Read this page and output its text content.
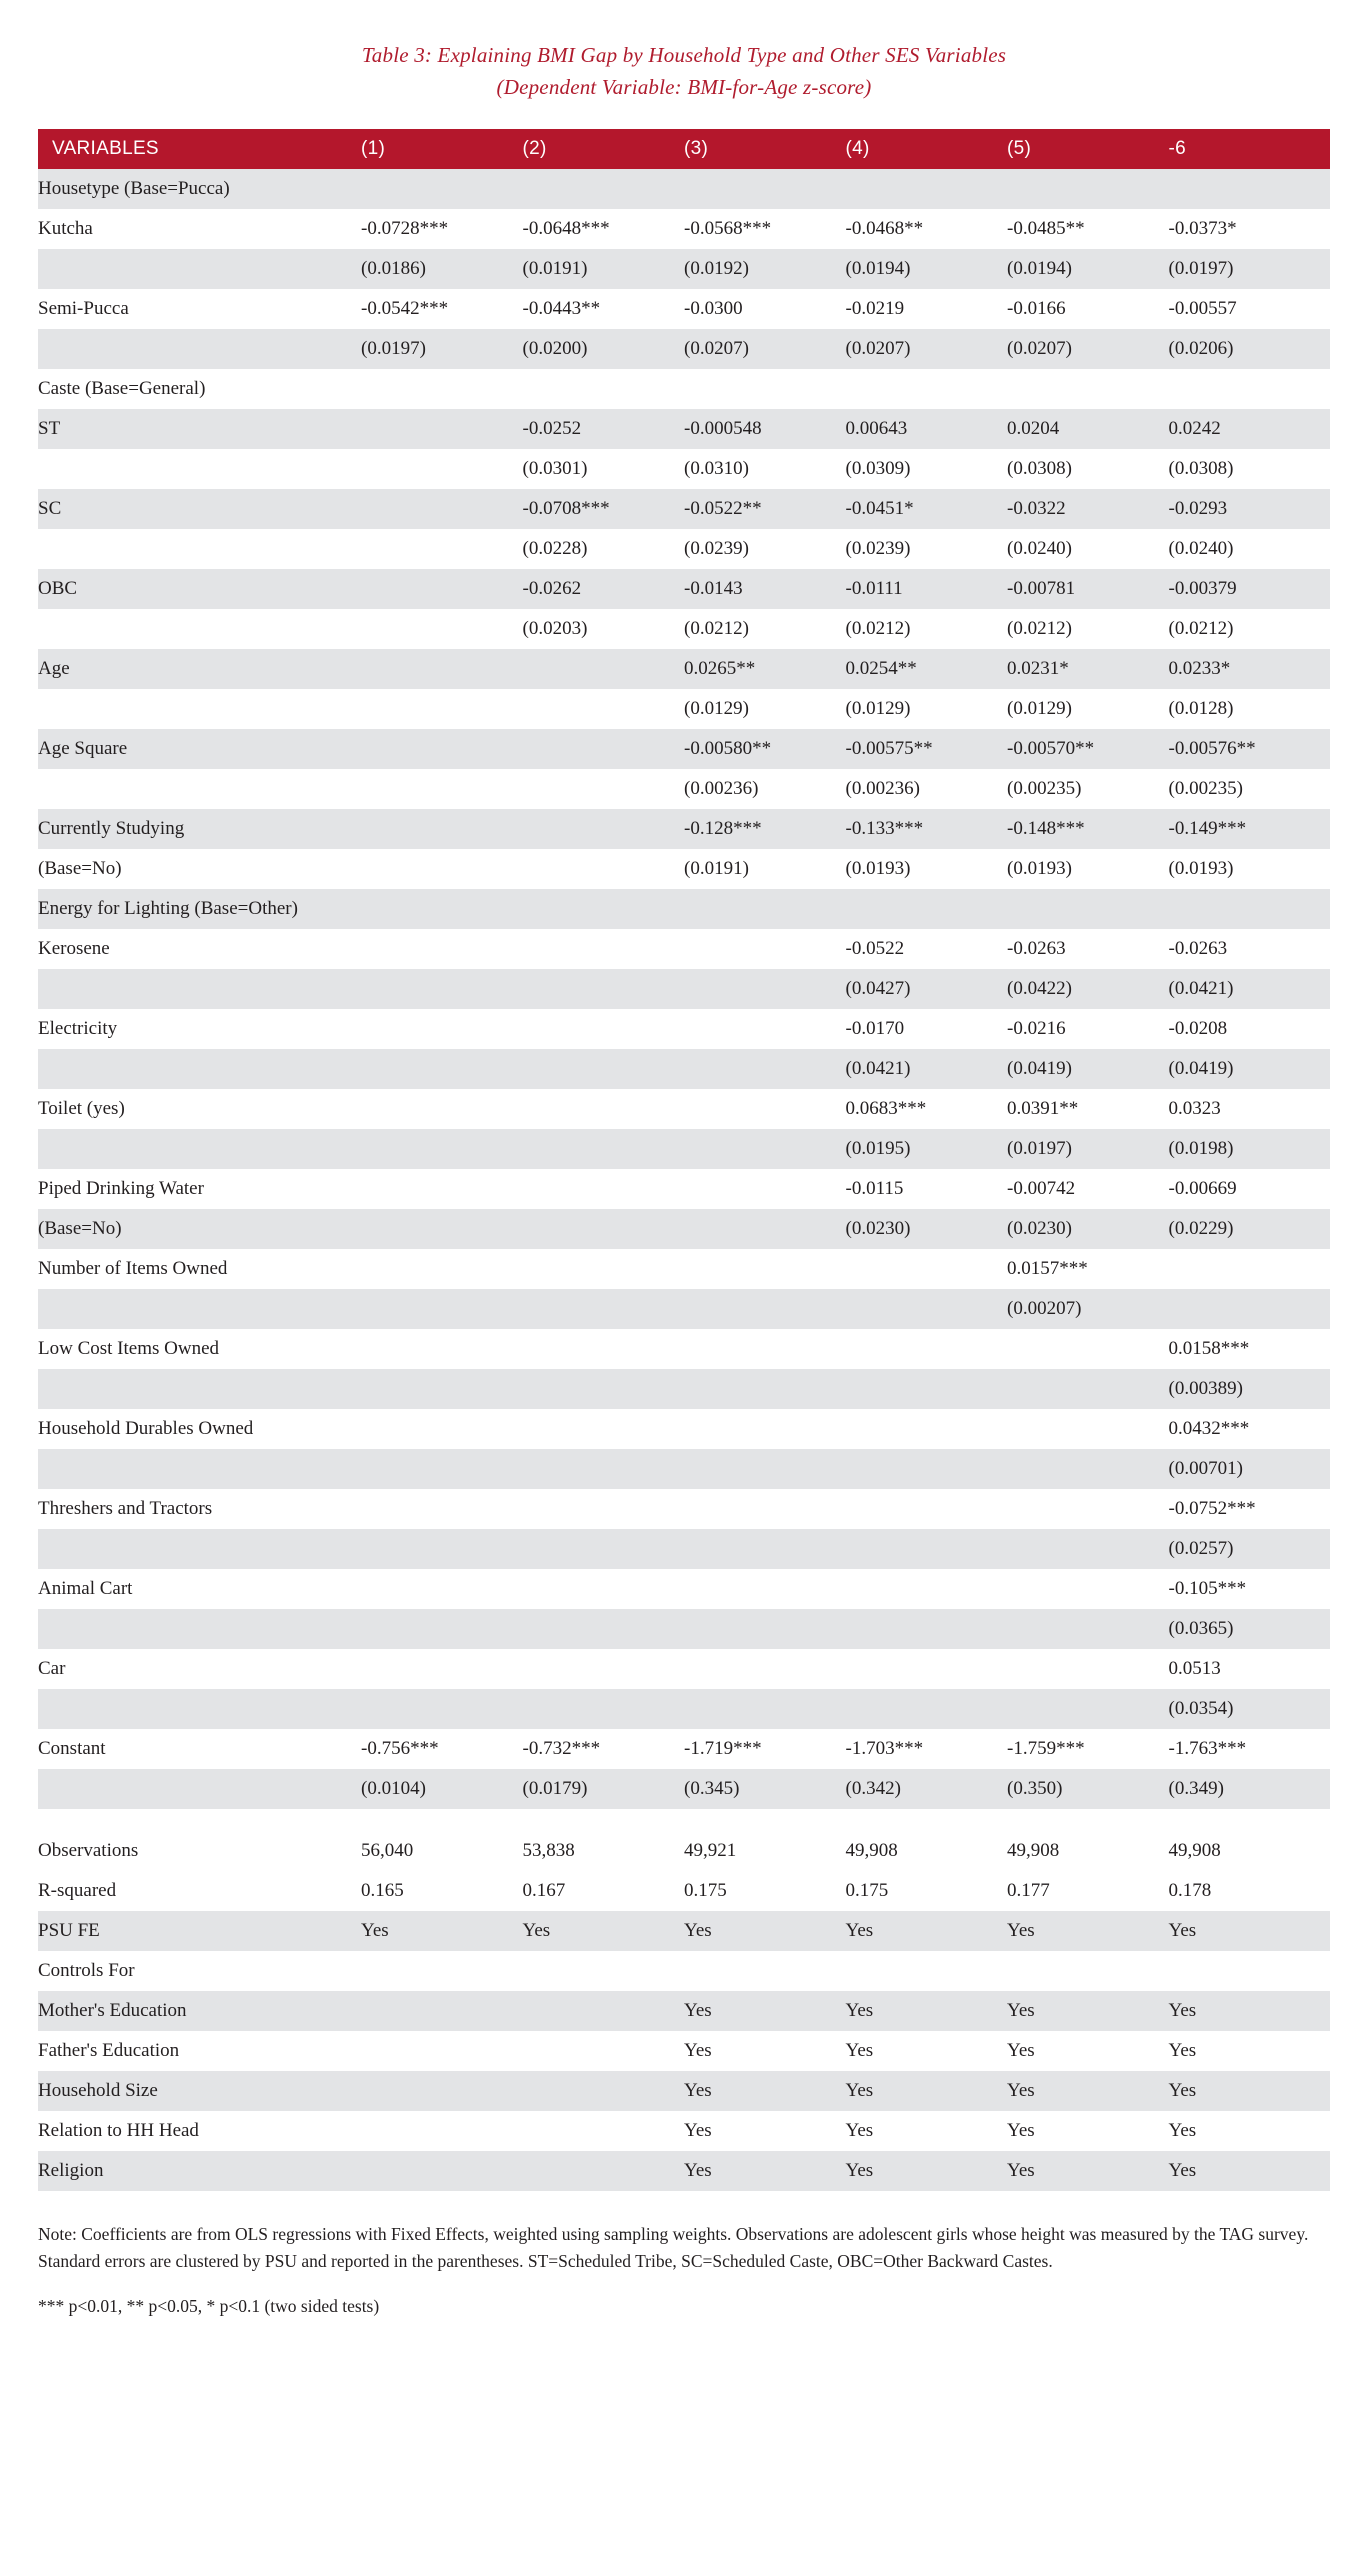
Table 3: Explaining BMI Gap by Household Type and Other SES Variables
(Dependent Variable: BMI-for-Age z-score)
VARIABLES	(1)	(2)	(3)	(4)	(5)	-6
Housetype (Base=Pucca)						
Kutcha	-0.0728***	-0.0648***	-0.0568***	-0.0468**	-0.0485**	-0.0373*
	(0.0186)	(0.0191)	(0.0192)	(0.0194)	(0.0194)	(0.0197)
Semi-Pucca	-0.0542***	-0.0443**	-0.0300	-0.0219	-0.0166	-0.00557
	(0.0197)	(0.0200)	(0.0207)	(0.0207)	(0.0207)	(0.0206)
Caste (Base=General)						
ST		-0.0252	-0.000548	0.00643	0.0204	0.0242
		(0.0301)	(0.0310)	(0.0309)	(0.0308)	(0.0308)
SC		-0.0708***	-0.0522**	-0.0451*	-0.0322	-0.0293
		(0.0228)	(0.0239)	(0.0239)	(0.0240)	(0.0240)
OBC		-0.0262	-0.0143	-0.0111	-0.00781	-0.00379
		(0.0203)	(0.0212)	(0.0212)	(0.0212)	(0.0212)
Age			0.0265**	0.0254**	0.0231*	0.0233*
			(0.0129)	(0.0129)	(0.0129)	(0.0128)
Age Square			-0.00580**	-0.00575**	-0.00570**	-0.00576**
			(0.00236)	(0.00236)	(0.00235)	(0.00235)
Currently Studying			-0.128***	-0.133***	-0.148***	-0.149***
(Base=No)			(0.0191)	(0.0193)	(0.0193)	(0.0193)
Energy for Lighting (Base=Other)						
Kerosene				-0.0522	-0.0263	-0.0263
				(0.0427)	(0.0422)	(0.0421)
Electricity				-0.0170	-0.0216	-0.0208
				(0.0421)	(0.0419)	(0.0419)
Toilet (yes)				0.0683***	0.0391**	0.0323
				(0.0195)	(0.0197)	(0.0198)
Piped Drinking Water				-0.0115	-0.00742	-0.00669
(Base=No)				(0.0230)	(0.0230)	(0.0229)
Number of Items Owned					0.0157***	
					(0.00207)	
Low Cost Items Owned						0.0158***
						(0.00389)
Household Durables Owned						0.0432***
						(0.00701)
Threshers and Tractors						-0.0752***
						(0.0257)
Animal Cart						-0.105***
						(0.0365)
Car						0.0513
						(0.0354)
Constant	-0.756***	-0.732***	-1.719***	-1.703***	-1.759***	-1.763***
	(0.0104)	(0.0179)	(0.345)	(0.342)	(0.350)	(0.349)

Observations	56,040	53,838	49,921	49,908	49,908	49,908
R-squared	0.165	0.167	0.175	0.175	0.177	0.178
PSU FE	Yes	Yes	Yes	Yes	Yes	Yes
Controls For						
Mother's Education			Yes	Yes	Yes	Yes
Father's Education			Yes	Yes	Yes	Yes
Household Size			Yes	Yes	Yes	Yes
Relation to HH Head			Yes	Yes	Yes	Yes
Religion			Yes	Yes	Yes	Yes

Note: Coefficients are from OLS regressions with Fixed Effects, weighted using sampling weights. Observations are adolescent girls whose height was measured by the TAG survey. Standard errors are clustered by PSU and reported in the parentheses. ST=Scheduled Tribe, SC=Scheduled Caste, OBC=Other Backward Castes.

*** p<0.01, ** p<0.05, * p<0.1 (two sided tests)
